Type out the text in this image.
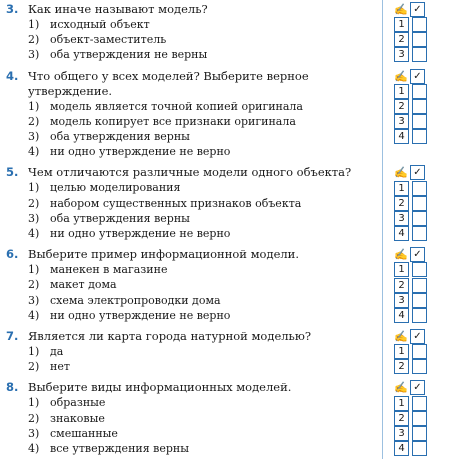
3. Как иначе называют модель?
1) исходный объект
2) объект-заместитель
3) оба утверждения не верны
4. Что общего у всех моделей? Выберите верное утверждение.
1) модель является точной копией оригинала
2) модель копирует все признаки оригинала
3) оба утверждения верны
4) ни одно утверждение не верно
5. Чем отличаются различные модели одного объекта?
1) целью моделирования
2) набором существенных признаков объекта
3) оба утверждения верны
4) ни одно утверждение не верно
6. Выберите пример информационной модели.
1) манекен в магазине
2) макет дома
3) схема электропроводки дома
4) ни одно утверждение не верно
7. Является ли карта города натурной моделью?
1) да
2) нет
8. Выберите виды информационных моделей.
1) образные
2) знаковые
3) смешанные
4) все утверждения верны
✍ ✓
1
2
3
✍ ✓
1
2
3
4
✍ ✓
1
2
3
4
✍ ✓
1
2
3
4
✍ ✓
1
2
✍ ✓
1
2
3
4
